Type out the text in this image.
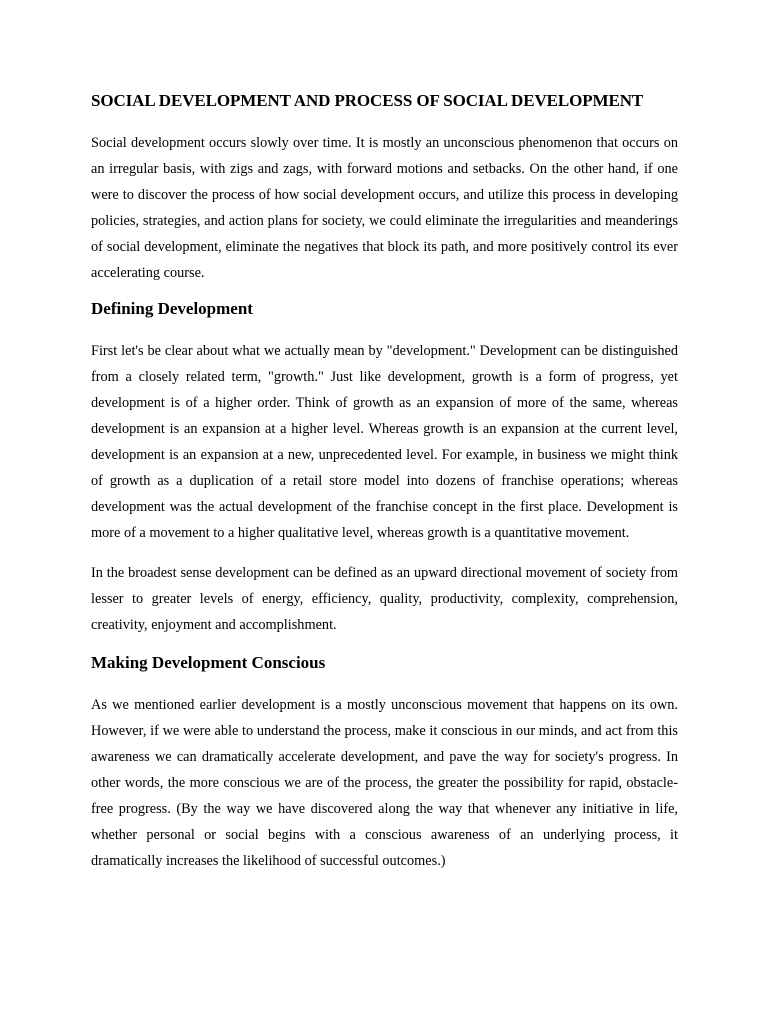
SOCIAL DEVELOPMENT AND PROCESS OF SOCIAL DEVELOPMENT

Social development occurs slowly over time. It is mostly an unconscious phenomenon that occurs on an irregular basis, with zigs and zags, with forward motions and setbacks. On the other hand, if one were to discover the process of how social development occurs, and utilize this process in developing policies, strategies, and action plans for society, we could eliminate the irregularities and meanderings of social development, eliminate the negatives that block its path, and more positively control its ever accelerating course.

Defining Development

First let's be clear about what we actually mean by "development." Development can be distinguished from a closely related term, "growth." Just like development, growth is a form of progress, yet development is of a higher order. Think of growth as an expansion of more of the same, whereas development is an expansion at a higher level. Whereas growth is an expansion at the current level, development is an expansion at a new, unprecedented level. For example, in business we might think of growth as a duplication of a retail store model into dozens of franchise operations; whereas development was the actual development of the franchise concept in the first place. Development is more of a movement to a higher qualitative level, whereas growth is a quantitative movement.

In the broadest sense development can be defined as an upward directional movement of society from lesser to greater levels of energy, efficiency, quality, productivity, complexity, comprehension, creativity, enjoyment and accomplishment.

Making Development Conscious

As we mentioned earlier development is a mostly unconscious movement that happens on its own. However, if we were able to understand the process, make it conscious in our minds, and act from this awareness we can dramatically accelerate development, and pave the way for society's progress. In other words, the more conscious we are of the process, the greater the possibility for rapid, obstacle-free progress. (By the way we have discovered along the way that whenever any initiative in life, whether personal or social begins with a conscious awareness of an underlying process, it dramatically increases the likelihood of successful outcomes.)
